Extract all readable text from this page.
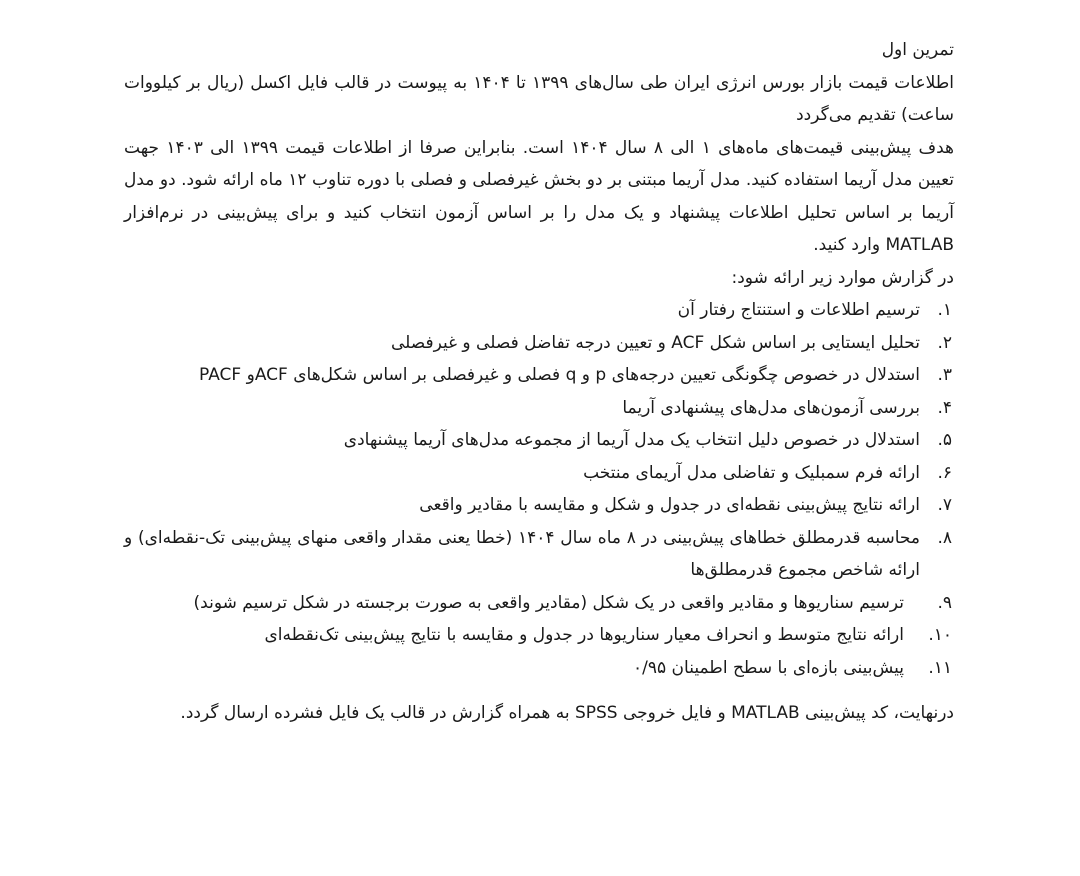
تمرین اول

اطلاعات قیمت بازار بورس انرژی ایران طی سال‌های ۱۳۹۹ تا ۱۴۰۴ به پیوست در قالب فایل اکسل (ریال بر کیلووات ساعت) تقدیم می‌گردد

هدف پیش‌بینی قیمت‌های ماه‌های ۱ الی ۸ سال ۱۴۰۴ است. بنابراین صرفا از اطلاعات قیمت ۱۳۹۹ الی ۱۴۰۳ جهت تعیین مدل آریما استفاده کنید. مدل آریما مبتنی بر دو بخش غیرفصلی و فصلی با دوره تناوب ۱۲ ماه ارائه شود. دو مدل آریما بر اساس تحلیل اطلاعات پیشنهاد و یک مدل را بر اساس آزمون انتخاب کنید و برای پیش‌بینی در نرم‌افزار MATLAB وارد کنید.

در گزارش موارد زیر ارائه شود:

۱.
ترسیم اطلاعات و استنتاج رفتار آن
۲.
تحلیل ایستایی بر اساس شکل ACF و تعیین درجه تفاضل فصلی و غیرفصلی
۳.
استدلال در خصوص چگونگی تعیین درجه‌های p و q فصلی و غیرفصلی بر اساس شکل‌های ACFو PACF
۴.
بررسی آزمون‌های مدل‌های پیشنهادی آریما
۵.
استدلال در خصوص دلیل انتخاب یک مدل آریما از مجموعه مدل‌های آریما پیشنهادی
۶.
ارائه فرم سمبلیک و تفاضلی مدل آریمای منتخب
۷.
ارائه نتایج پیش‌بینی نقطه‌ای در جدول و شکل و مقایسه با مقادیر واقعی
۸.
محاسبه قدرمطلق خطاهای پیش‌بینی در ۸ ماه سال ۱۴۰۴ (خطا یعنی مقدار واقعی منهای پیش‌بینی تک-نقطه‌ای) و ارائه شاخص مجموع قدرمطلق‌ها
۹.
ترسیم سناریوها و مقادیر واقعی در یک شکل (مقادیر واقعی به صورت برجسته در شکل ترسیم شوند)
۱۰.
ارائه نتایج متوسط و انحراف معیار سناریوها در جدول و مقایسه با نتایج پیش‌بینی تک‌نقطه‌ای
۱۱.
پیش‌بینی بازه‌ای با سطح اطمینان ۰/۹۵

درنهایت، کد پیش‌بینی MATLAB و فایل خروجی SPSS به همراه گزارش در قالب یک فایل فشرده ارسال گردد.
